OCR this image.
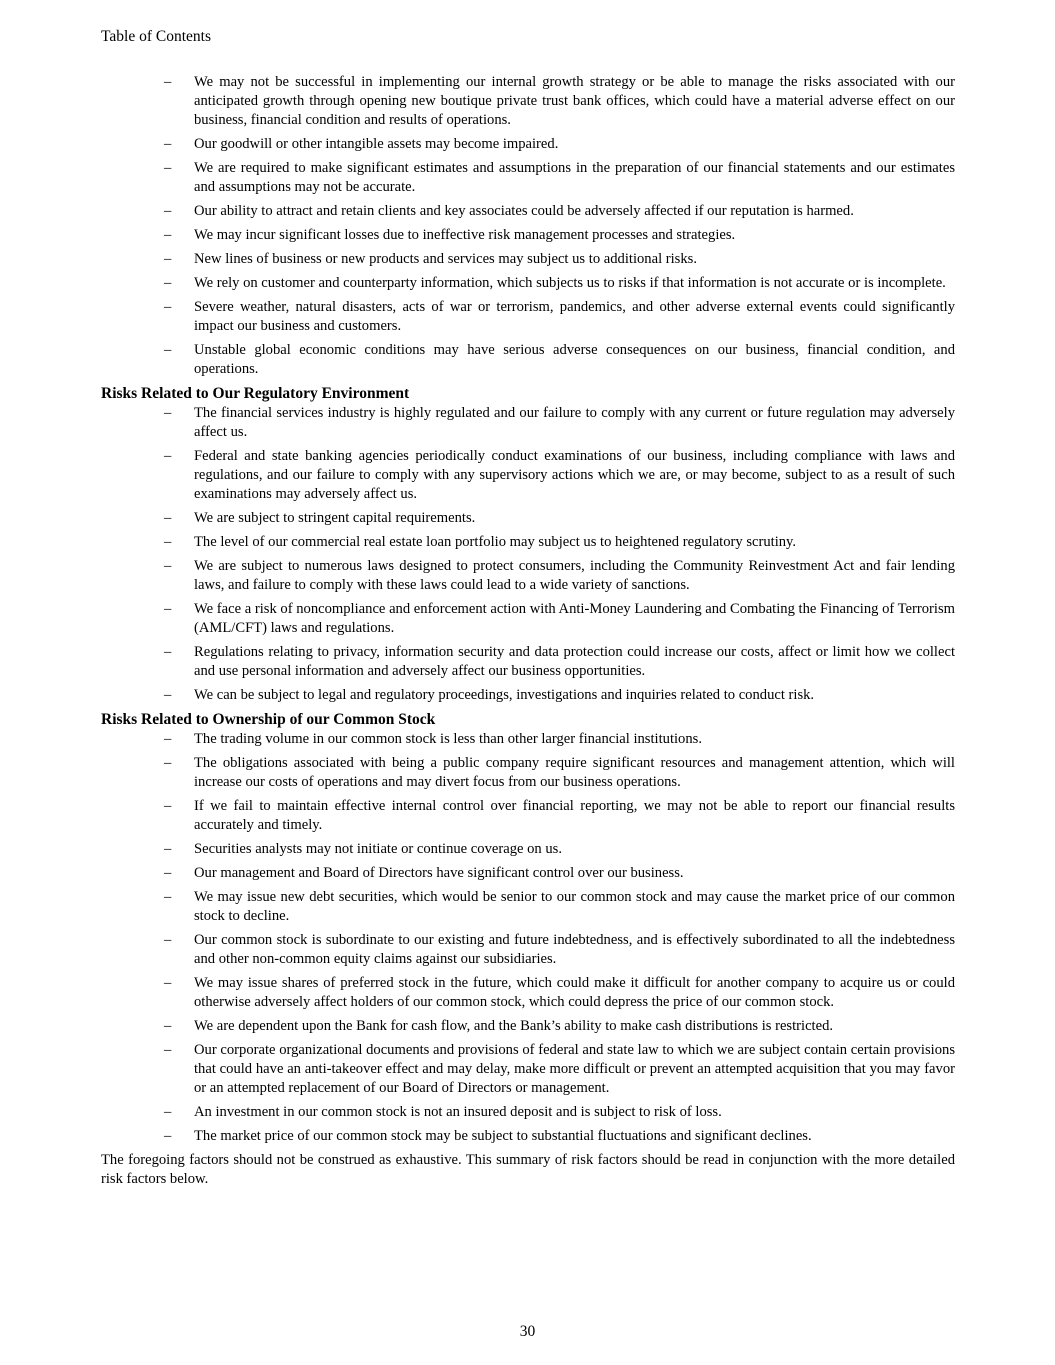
Table of Contents
– We may not be successful in implementing our internal growth strategy or be able to manage the risks associated with our anticipated growth through opening new boutique private trust bank offices, which could have a material adverse effect on our business, financial condition and results of operations.
– Our goodwill or other intangible assets may become impaired.
– We are required to make significant estimates and assumptions in the preparation of our financial statements and our estimates and assumptions may not be accurate.
– Our ability to attract and retain clients and key associates could be adversely affected if our reputation is harmed.
– We may incur significant losses due to ineffective risk management processes and strategies.
– New lines of business or new products and services may subject us to additional risks.
– We rely on customer and counterparty information, which subjects us to risks if that information is not accurate or is incomplete.
– Severe weather, natural disasters, acts of war or terrorism, pandemics, and other adverse external events could significantly impact our business and customers.
– Unstable global economic conditions may have serious adverse consequences on our business, financial condition, and operations.
Risks Related to Our Regulatory Environment
– The financial services industry is highly regulated and our failure to comply with any current or future regulation may adversely affect us.
– Federal and state banking agencies periodically conduct examinations of our business, including compliance with laws and regulations, and our failure to comply with any supervisory actions which we are, or may become, subject to as a result of such examinations may adversely affect us.
– We are subject to stringent capital requirements.
– The level of our commercial real estate loan portfolio may subject us to heightened regulatory scrutiny.
– We are subject to numerous laws designed to protect consumers, including the Community Reinvestment Act and fair lending laws, and failure to comply with these laws could lead to a wide variety of sanctions.
– We face a risk of noncompliance and enforcement action with Anti-Money Laundering and Combating the Financing of Terrorism (AML/CFT) laws and regulations.
– Regulations relating to privacy, information security and data protection could increase our costs, affect or limit how we collect and use personal information and adversely affect our business opportunities.
– We can be subject to legal and regulatory proceedings, investigations and inquiries related to conduct risk.
Risks Related to Ownership of our Common Stock
– The trading volume in our common stock is less than other larger financial institutions.
– The obligations associated with being a public company require significant resources and management attention, which will increase our costs of operations and may divert focus from our business operations.
– If we fail to maintain effective internal control over financial reporting, we may not be able to report our financial results accurately and timely.
– Securities analysts may not initiate or continue coverage on us.
– Our management and Board of Directors have significant control over our business.
– We may issue new debt securities, which would be senior to our common stock and may cause the market price of our common stock to decline.
– Our common stock is subordinate to our existing and future indebtedness, and is effectively subordinated to all the indebtedness and other non-common equity claims against our subsidiaries.
– We may issue shares of preferred stock in the future, which could make it difficult for another company to acquire us or could otherwise adversely affect holders of our common stock, which could depress the price of our common stock.
– We are dependent upon the Bank for cash flow, and the Bank’s ability to make cash distributions is restricted.
– Our corporate organizational documents and provisions of federal and state law to which we are subject contain certain provisions that could have an anti-takeover effect and may delay, make more difficult or prevent an attempted acquisition that you may favor or an attempted replacement of our Board of Directors or management.
– An investment in our common stock is not an insured deposit and is subject to risk of loss.
– The market price of our common stock may be subject to substantial fluctuations and significant declines.

The foregoing factors should not be construed as exhaustive. This summary of risk factors should be read in conjunction with the more detailed risk factors below.

30
